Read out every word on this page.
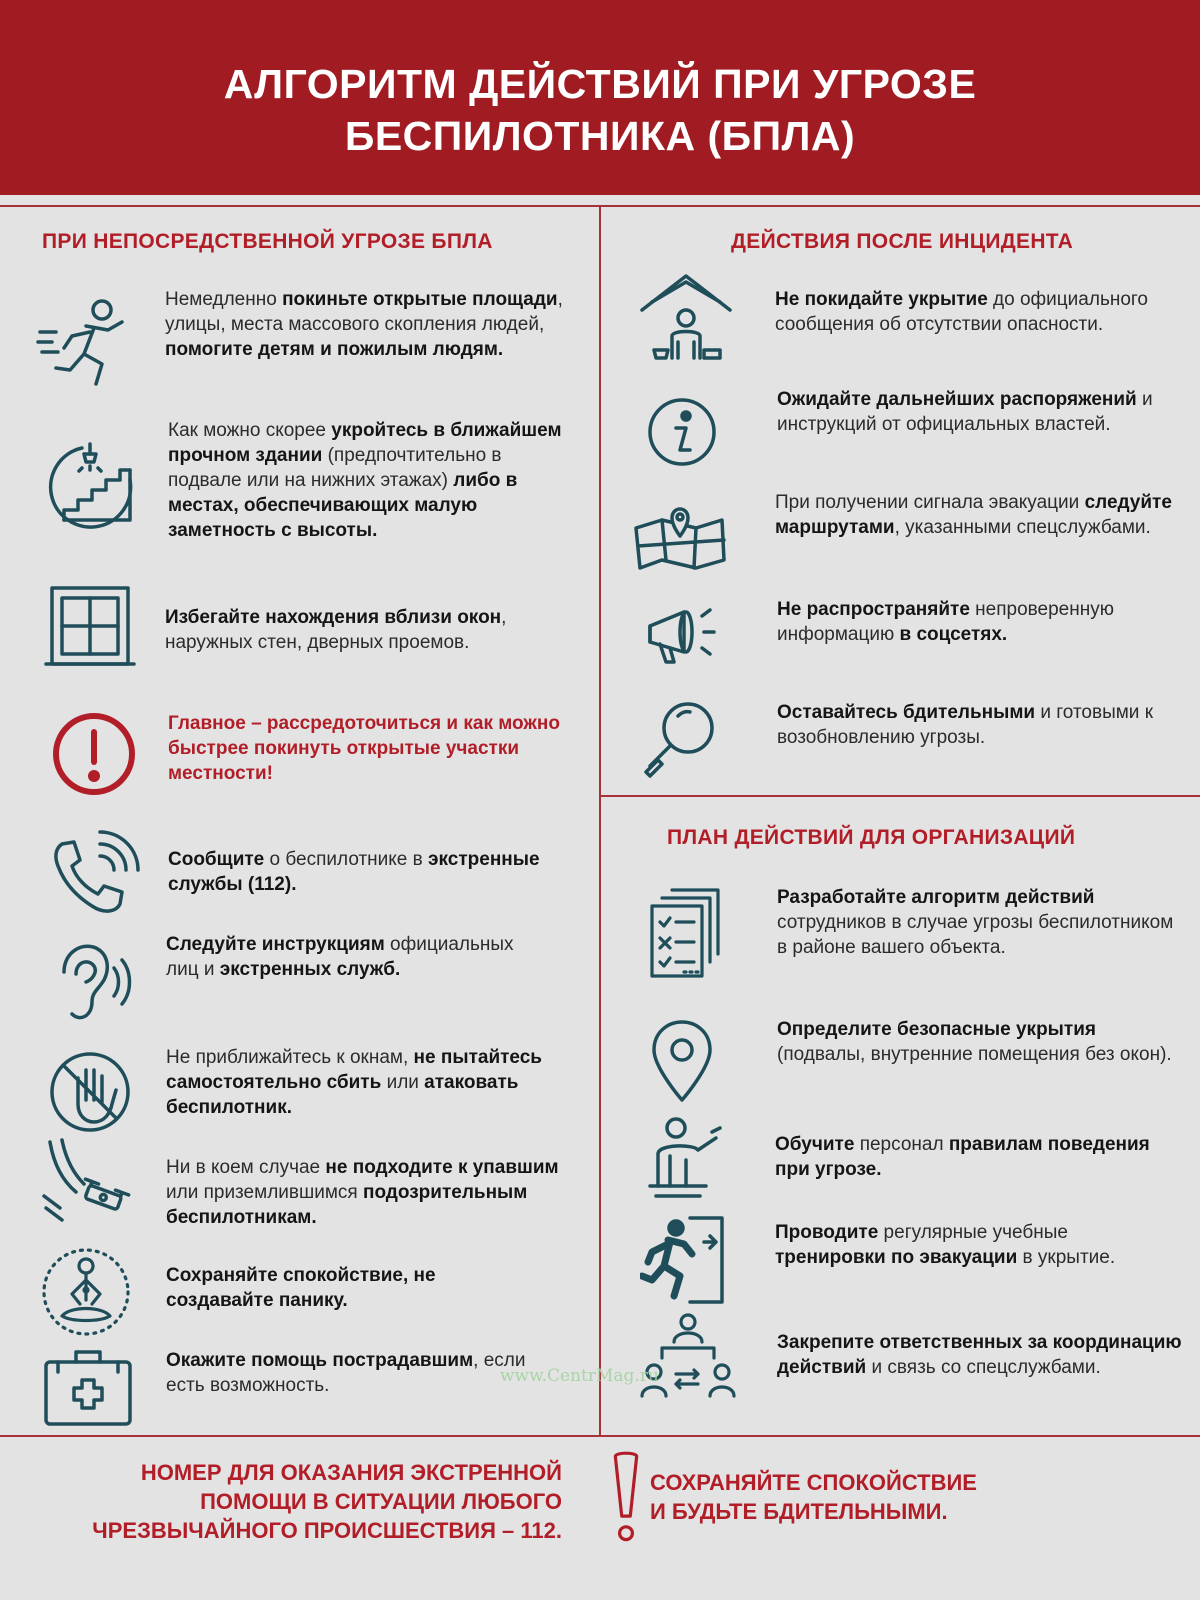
АЛГОРИТМ ДЕЙСТВИЙ ПРИ УГРОЗЕ
БЕСПИЛОТНИКА (БПЛА)
ПРИ НЕПОСРЕДСТВЕННОЙ УГРОЗЕ БПЛА	ДЕЙСТВИЯ ПОСЛЕ ИНЦИДЕНТА
ПЛАН ДЕЙСТВИЙ ДЛЯ ОРГАНИЗАЦИЙ
Немедленно покиньте открытые площади, улицы, места массового скопления людей, помогите детям и пожилым людям.
Как можно скорее укройтесь в ближайшем прочном здании (предпочтительно в подвале или на нижних этажах) либо в местах, обеспечивающих малую заметность с высоты.
Избегайте нахождения вблизи окон, наружных стен, дверных проемов.
Главное – рассредоточиться и как можно быстрее покинуть открытые участки местности!
Сообщите о беспилотнике в экстренные службы (112).
Следуйте инструкциям официальных лиц и экстренных служб.
Не приближайтесь к окнам, не пытайтесь самостоятельно сбить или атаковать беспилотник.
Ни в коем случае не подходите к упавшим или приземлившимся подозрительным беспилотникам.
Сохраняйте спокойствие, не создавайте панику.
Окажите помощь пострадавшим, если есть возможность.
Не покидайте укрытие до официального сообщения об отсутствии опасности.
Ожидайте дальнейших распоряжений и инструкций от официальных властей.
При получении сигнала эвакуации следуйте маршрутами, указанными спецслужбами.
Не распространяйте непроверенную информацию в соцсетях.
Оставайтесь бдительными и готовыми к возобновлению угрозы.
Разработайте алгоритм действий сотрудников в случае угрозы беспилотником в районе вашего объекта.
Определите безопасные укрытия (подвалы, внутренние помещения без окон).
Обучите персонал правилам поведения при угрозе.
Проводите регулярные учебные тренировки по эвакуации в укрытие.
Закрепите ответственных за координацию действий и связь со спецслужбами.
НОМЕР ДЛЯ ОКАЗАНИЯ ЭКСТРЕННОЙ
ПОМОЩИ В СИТУАЦИИ ЛЮБОГО
ЧРЕЗВЫЧАЙНОГО ПРОИСШЕСТВИЯ – 112.
СОХРАНЯЙТЕ СПОКОЙСТВИЕ
И БУДЬТЕ БДИТЕЛЬНЫМИ.
www.CentrMag.ru
